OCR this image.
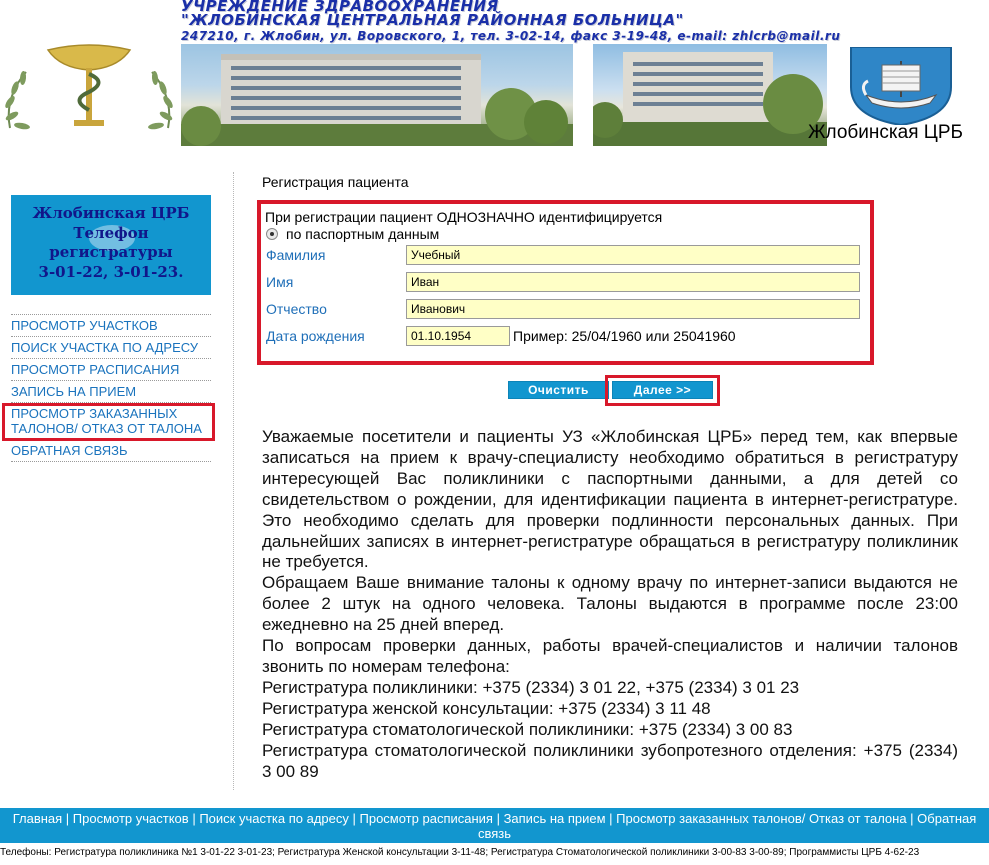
УЧРЕЖДЕНИЕ ЗДРАВООХРАНЕНИЯ
"ЖЛОБИНСКАЯ ЦЕНТРАЛЬНАЯ РАЙОННАЯ БОЛЬНИЦА"
247210, г. Жлобин, ул. Воровского, 1, тел. 3-02-14, факс 3-19-48, e-mail: zhlcrb@mail.ru
Жлобинская ЦРБ
Жлобинская ЦРБ
Телефон
регистратуры
3-01-22, 3-01-23.
ПРОСМОТР УЧАСТКОВ
ПОИСК УЧАСТКА ПО АДРЕСУ
ПРОСМОТР РАСПИСАНИЯ
ЗАПИСЬ НА ПРИЕМ
ПРОСМОТР ЗАКАЗАННЫХ ТАЛОНОВ/ ОТКАЗ ОТ ТАЛОНА
ОБРАТНАЯ СВЯЗЬ
Регистрация пациента
При регистрации пациент ОДНОЗНАЧНО идентифицируется
по паспортным данным
Фамилия
Учебный
Имя
Иван
Отчество
Иванович
Дата рождения
01.10.1954	Пример: 25/04/1960 или 25041960
Очистить	Далее >>

Уважаемые посетители и пациенты УЗ «Жлобинская ЦРБ» перед тем, как впервые записаться на прием к врачу-специалисту необходимо обратиться в регистратуру интересующей Вас поликлиники с паспортными данными, а для детей со свидетельством о рождении, для идентификации пациента в интернет-регистратуре. Это необходимо сделать для проверки подлинности персональных данных. При дальнейших записях в интернет-регистратуре обращаться в регистратуру поликлиник не требуется.

Обращаем Ваше внимание талоны к одному врачу по интернет-записи выдаются не более 2 штук на одного человека. Талоны выдаются в программе после 23:00 ежедневно на 25 дней вперед.

По вопросам проверки данных, работы врачей-специалистов и наличии талонов звонить по номерам телефона:

Регистратура поликлиники: +375 (2334) 3 01 22, +375 (2334) 3 01 23

Регистратура женской консультации: +375 (2334) 3 11 48

Регистратура стоматологической поликлиники: +375 (2334) 3 00 83

Регистратура стоматологической поликлиники зубопротезного отделения: +375 (2334) 3 00 89

Главная | Просмотр участков | Поиск участка по адресу | Просмотр расписания | Запись на прием | Просмотр заказанных талонов/ Отказ от талона | Обратная связь
Телефоны: Регистратура поликлиника №1 3-01-22 3-01-23; Регистратура Женской консультации 3-11-48; Регистратура Стоматологической поликлиники 3-00-83 3-00-89; Программисты ЦРБ 4-62-23
